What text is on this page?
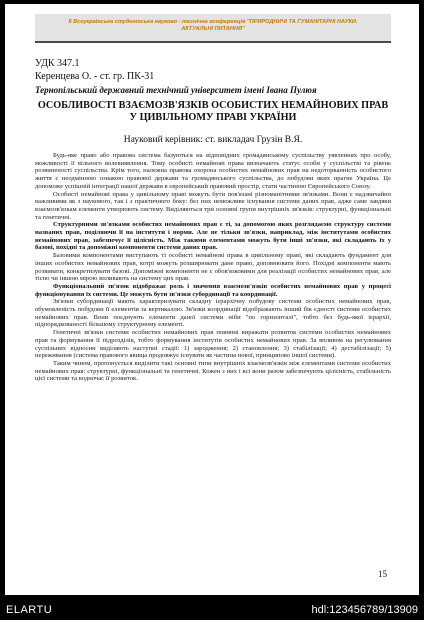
ІІ Всеукраїнська студентська науково - технічна конференція "ПРИРОДНИЧІ ТА ГУМАНІТАРНІ НАУКИ.
АКТУАЛЬНІ ПИТАННЯ"
УДК 347.1
Керенцева О. - ст. гр. ПК-31
Тернопільський державний технічний університет імені Івана Пулюя
ОСОБЛИВОСТІ ВЗАЄМОЗВ'ЯЗКІВ ОСОБИСТИХ НЕМАЙНОВИХ ПРАВ У ЦИВІЛЬНОМУ ПРАВІ УКРАЇНИ
Науковий керівник: ст. викладач Грузін В.Я.

Будь-яке право або правова система базуються на відповідних громадянському суспільству уявленнях про особу, можливості її вільного волевиявлення. Тому особисті немайнові права визначають статус особи у суспільстві та рівень розвиненості суспільства. Крім того, належна правова охорона особистих немайнових прав на недоторканність особистого життя є неодмінною ознакою правової держави та громадянського суспільства, до побудови яких прагне Україна. Це допоможе успішній інтеграції нашої держави в європейський правовий простір, стати частиною Європейського Союзу.

Особисті немайнові права у цивільному праві можуть бути пов'язані різноманітними зв'язками. Вони є надзвичайно важливими як з наукового, так і з практичного боку: без них неможливе існування системи даних прав, адже саме завдяки взаємозв'язкам елементи утворюють систему. Виділяються три основні групи внутрішніх зв'язків: структурні, функціональні та генетичні.

Структурними зв'язками особистих немайнових прав є ті, за допомогою яких розглядаємо структуру системи названих прав, поділяючи її на інститути і норми. Але не тільки зв'язки, наприклад, між інститутами особистих немайнових прав, забезпечує її цілісність. Між такими елементами можуть бути інші зв'язки, які складають їх у базові, похідні та допоміжні компоненти системи даних прав.

Базовими компонентами виступають ті особисті немайнові права в цивільному праві, які складають фундамент для інших особистих немайнових прав, котрі можуть розширювати дане право, доповнювати його. Похідні компоненти мають розвивати, конкретизувати базові. Допоміжні компоненти не є обов'язковими для реалізації особистих немайнових прав, але тісно чи іншою мірою впливають на систему цих прав.

Функціональний зв'язок відображає роль і значення взаємозв'язків особистих немайнових прав у процесі функціонування їх системи. Це можуть бути зв'язки субординації та координації.

Зв'язки субординації мають характеризувати складну ієрархічну побудову системи особистих немайнових прав, обумовленість побудови її елементів за вертикаллю. Зв'язки координації відображають інший бік єдності системи особистих немайнових прав. Вони поєднують елементи даної системи ніби "по горизонталі", тобто без будь-якої ієрархії, підпорядкованості більшому структурному елементі.

Генетичні зв'язки системи особистих немайнових прав повинні виражати розвиток системи особистих немайнових прав та формування її підрозділів, тобто формування інститутів особистих немайнових прав. За впливом на регулювання суспільних відносин виділяють наступні стадії: 1) зародження; 2) становлення; 3) стабілізації; 4) дестабілізації; 5) переживання (система правового явища продовжує існувати як частина нової, принципово іншої системи).

Таким чином, пропонується виділити такі основні типи внутрішніх взаємозв'язків між елементами системи особистих немайнових прав: структурні, функціональні та генетичні. Кожен з них і всі вони разом забезпечують цілісність, стабільність цієї системи та водночас її розвиток.

15
ELARTU	hdl:123456789/13909
